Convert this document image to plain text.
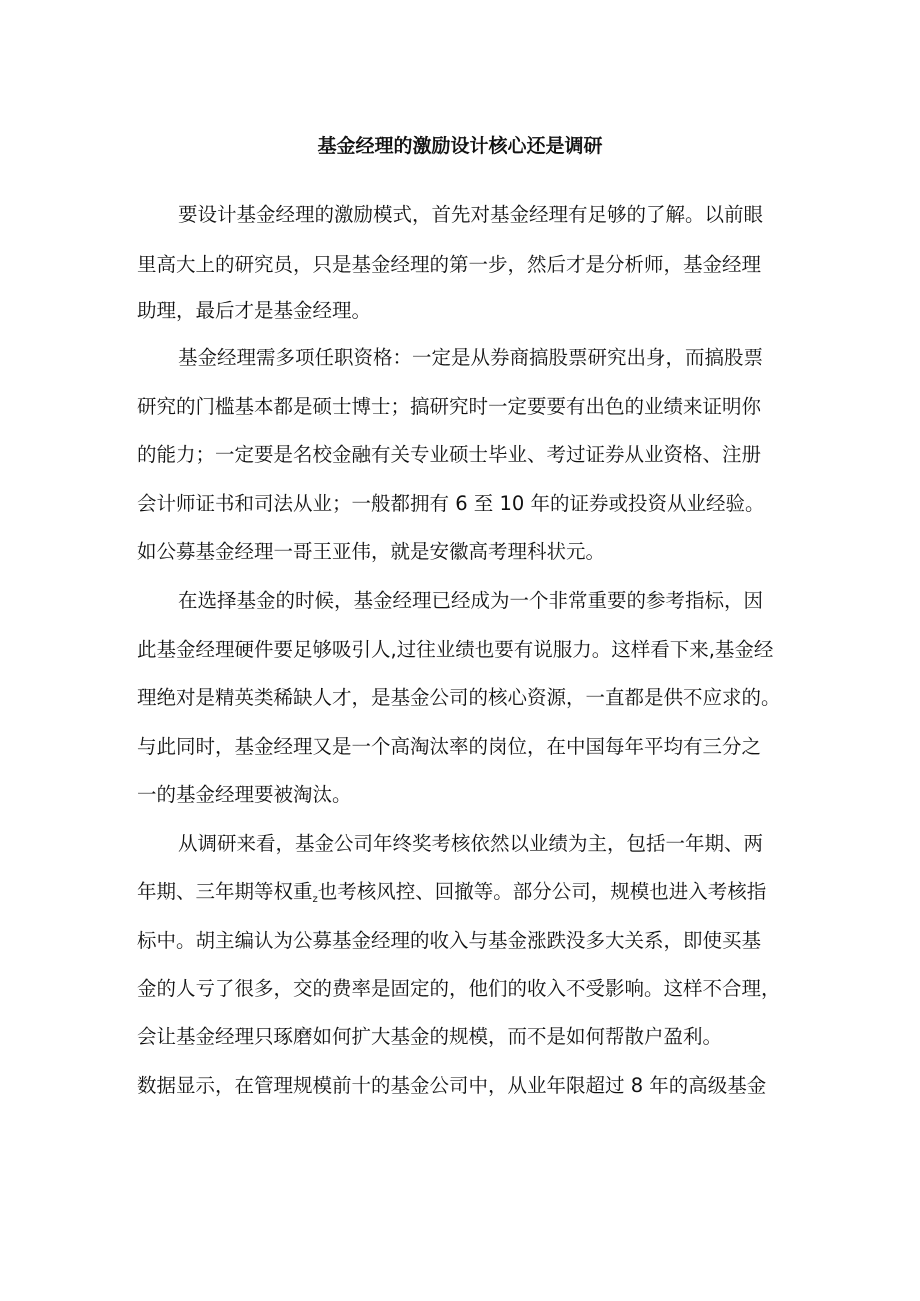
基金经理的激励设计核心还是调研
要设计基金经理的激励模式，首先对基金经理有足够的了解。以前眼
里高大上的研究员，只是基金经理的第一步，然后才是分析师，基金经理
助理，最后才是基金经理。
基金经理需多项任职资格：一定是从券商搞股票研究出身，而搞股票
研究的门槛基本都是硕士博士；搞研究时一定要要有出色的业绩来证明你
的能力；一定要是名校金融有关专业硕士毕业、考过证券从业资格、注册
会计师证书和司法从业；一般都拥有 6 至 10 年的证券或投资从业经验。
如公募基金经理一哥王亚伟，就是安徽高考理科状元。
在选择基金的时候，基金经理已经成为一个非常重要的参考指标，因
此基金经理硬件要足够吸引人,过往业绩也要有说服力。这样看下来,基金经
理绝对是精英类稀缺人才，是基金公司的核心资源，一直都是供不应求的。
与此同时，基金经理又是一个高淘汰率的岗位，在中国每年平均有三分之
一的基金经理要被淘汰。
从调研来看，基金公司年终奖考核依然以业绩为主，包括一年期、两
年期、三年期等权重$_z$也考核风控、回撤等。部分公司，规模也进入考核指
标中。胡主编认为公募基金经理的收入与基金涨跌没多大关系，即使买基
金的人亏了很多，交的费率是固定的，他们的收入不受影响。这样不合理，
会让基金经理只琢磨如何扩大基金的规模，而不是如何帮散户盈利。
数据显示，在管理规模前十的基金公司中，从业年限超过 8 年的高级基金
